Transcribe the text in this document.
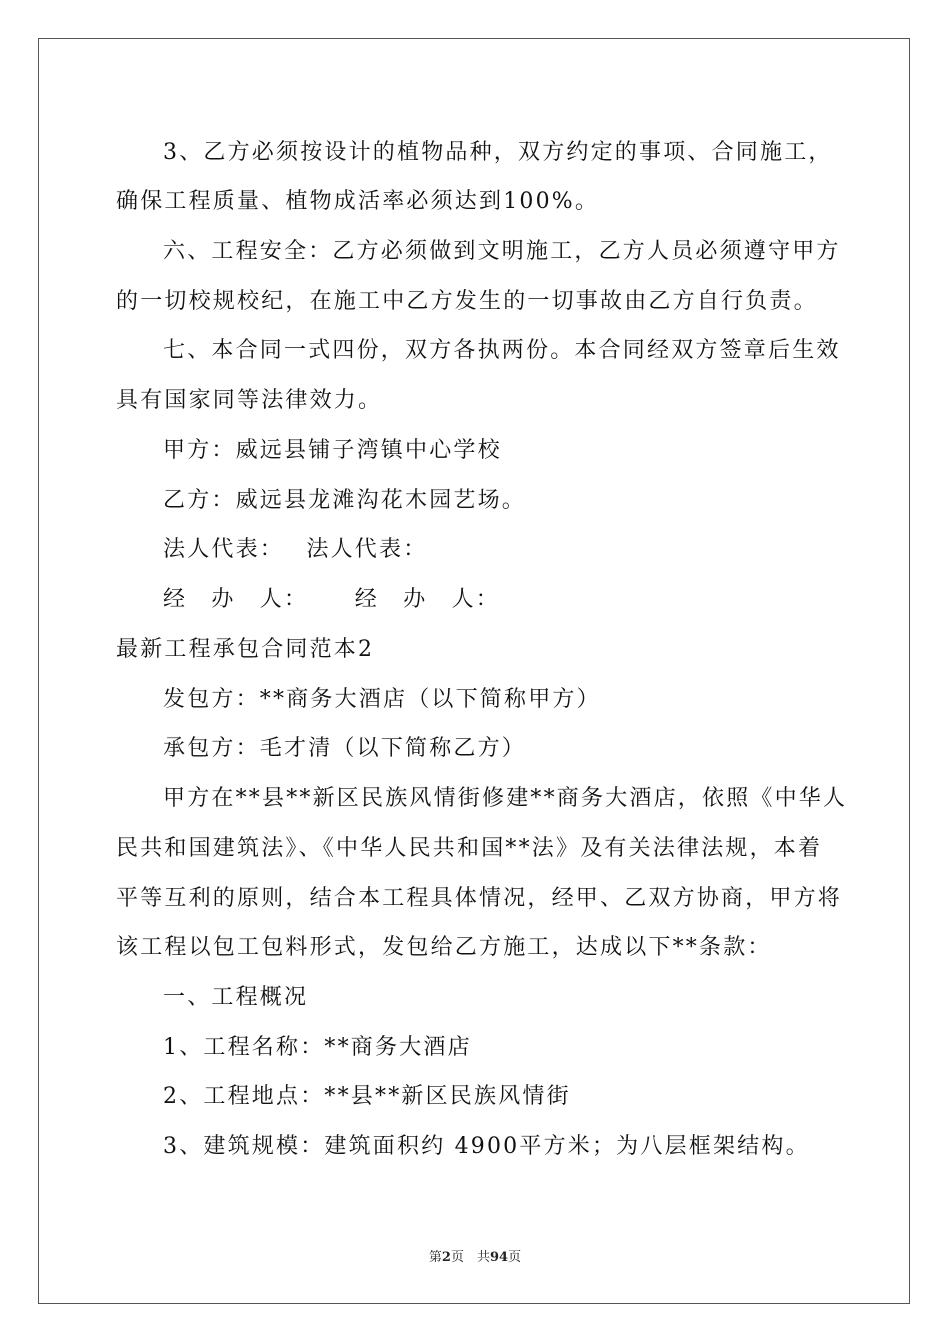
3、乙方必须按设计的植物品种，双方约定的事项、合同施工，
确保工程质量、植物成活率必须达到100%。
六、工程安全：乙方必须做到文明施工，乙方人员必须遵守甲方
的一切校规校纪，在施工中乙方发生的一切事故由乙方自行负责。
七、本合同一式四份，双方各执两份。本合同经双方签章后生效
具有国家同等法律效力。
甲方：威远县铺子湾镇中心学校
乙方：威远县龙滩沟花木园艺场。
法人代表：　 法人代表：
经　办　人：　　 经　办　人：
最新工程承包合同范本2
发包方：**商务大酒店（以下简称甲方）
承包方：毛才清（以下简称乙方）
甲方在**县**新区民族风情街修建**商务大酒店，依照《中华人
民共和国建筑法》、《中华人民共和国**法》及有关法律法规，本着
平等互利的原则，结合本工程具体情况，经甲、乙双方协商，甲方将
该工程以包工包料形式，发包给乙方施工，达成以下**条款：
一、工程概况
1、工程名称：**商务大酒店
2、工程地点：**县**新区民族风情街
3、建筑规模：建筑面积约 4900平方米；为八层框架结构。
第2页　共94页
